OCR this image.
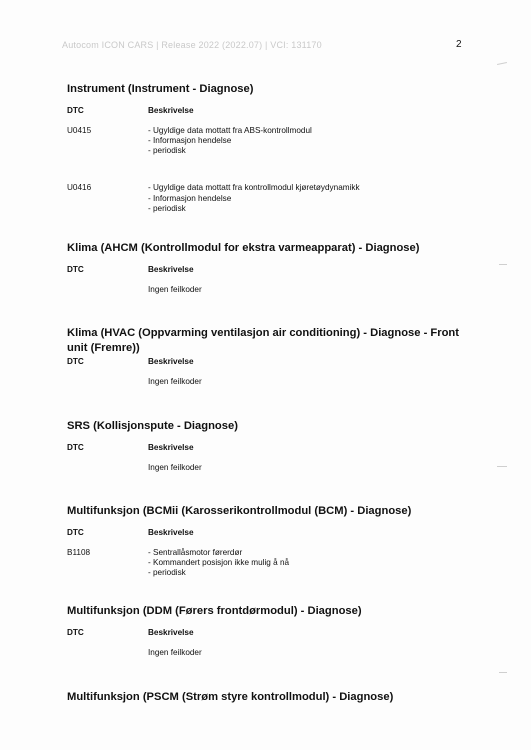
Autocom ICON CARS | Release 2022 (2022.07) | VCI: 131170	2
Instrument (Instrument - Diagnose)
DTC	Beskrivelse
U0415	- Ugyldige data mottatt fra ABS-kontrollmodul
- Informasjon hendelse
- periodisk
U0416	- Ugyldige data mottatt fra kontrollmodul kjøretøydynamikk
- Informasjon hendelse
- periodisk
Klima (AHCM (Kontrollmodul for ekstra varmeapparat) - Diagnose)
DTC	Beskrivelse
Ingen feilkoder
Klima (HVAC (Oppvarming ventilasjon air conditioning) - Diagnose - Front unit (Fremre))
DTC	Beskrivelse
Ingen feilkoder
SRS (Kollisjonspute - Diagnose)
DTC	Beskrivelse
Ingen feilkoder
Multifunksjon (BCMii (Karosserikontrollmodul (BCM) - Diagnose)
DTC	Beskrivelse
B1108	- Sentrallåsmotor førerdør
- Kommandert posisjon ikke mulig å nå
- periodisk
Multifunksjon (DDM (Førers frontdørmodul) - Diagnose)
DTC	Beskrivelse
Ingen feilkoder
Multifunksjon (PSCM (Strøm styre kontrollmodul) - Diagnose)
